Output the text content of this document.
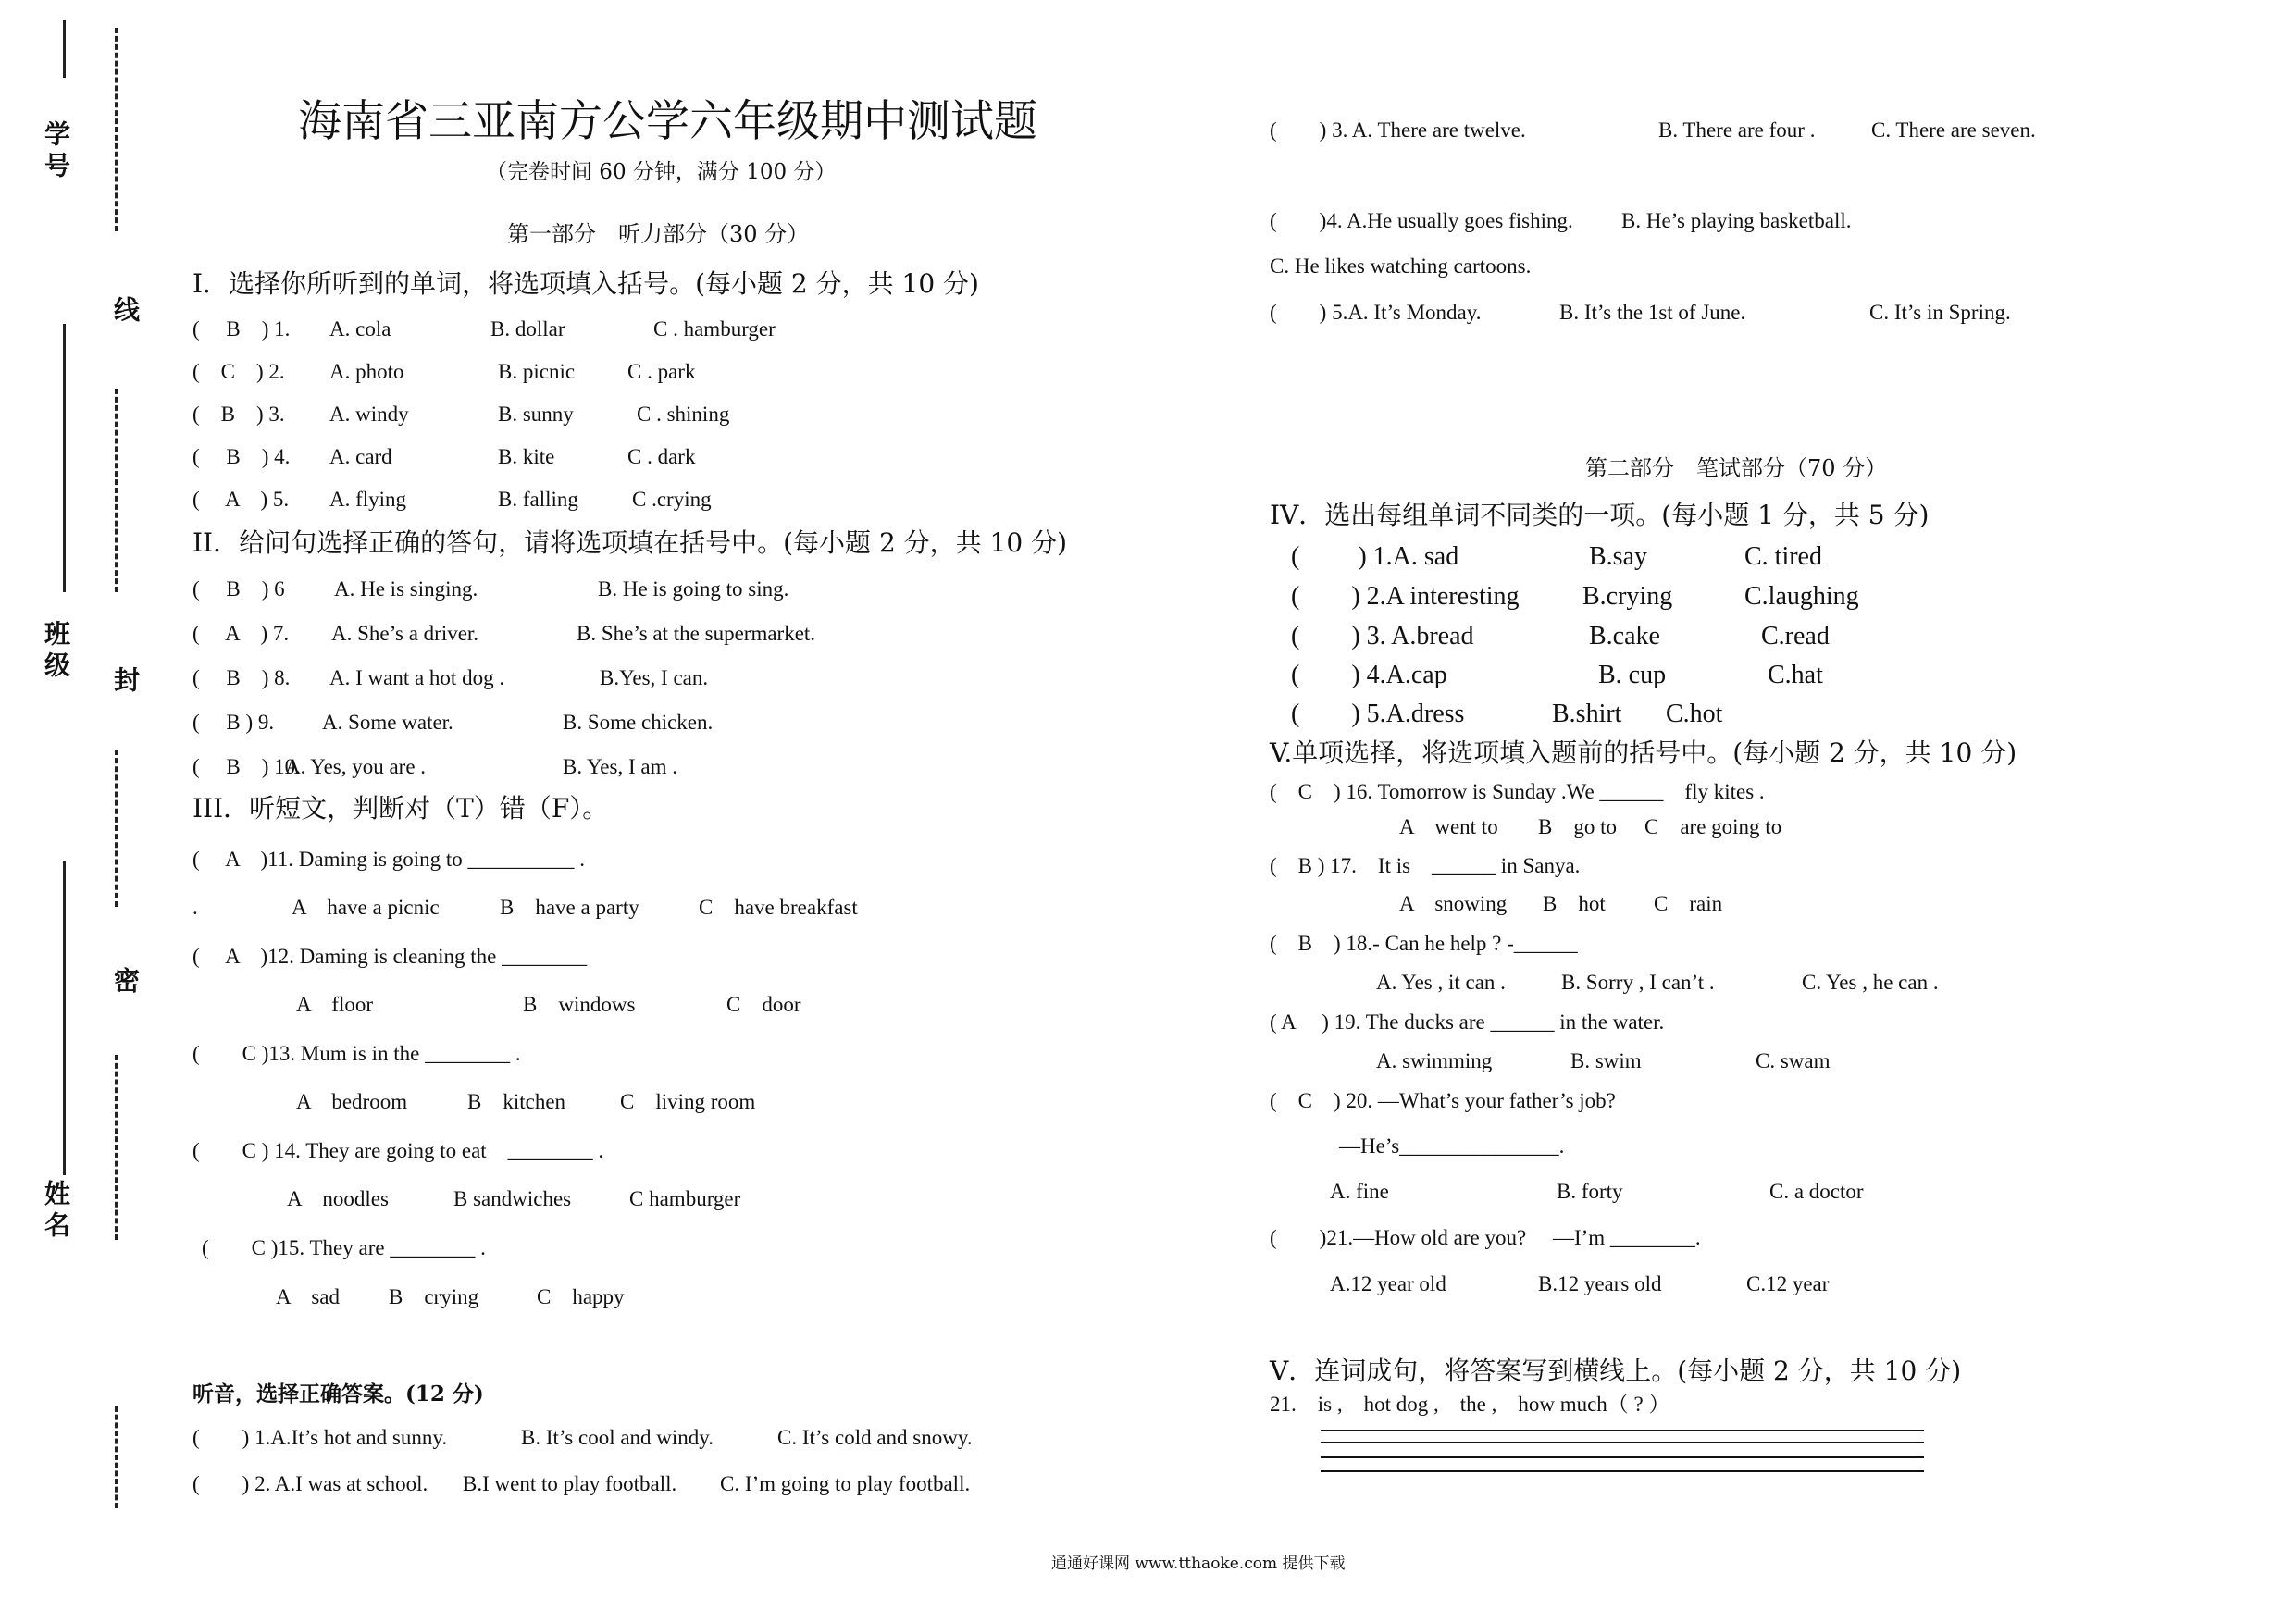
学号
线
班级 封
密
姓名
海南省三亚南方公学六年级期中测试题
（完卷时间 60 分钟，满分 100 分）
第一部分　听力部分（30 分）
I．选择你所听到的单词，将选项填入括号。(每小题 2 分，共 10 分)
(　 B　) 1. A. cola	B. dollar	C . hamburger
(　C　) 2. A. photo	B. picnic C . park
(　B　) 3. A. windy	B. sunny	C . shining
(　 B　) 4. A. card	B. kite	C . dark
(　 A　) 5. A. flying	B. falling	C .crying
II．给问句选择正确的答句，请将选项填在括号中。(每小题 2 分，共 10 分)
(　 B　) 6 A. He is singing.	B. He is going to sing.
(　 A　) 7. A. She’s a driver.	B. She’s at the supermarket.
(　 B　) 8. A. I want a hot dog .	B.Yes, I can.
(　 B ) 9. A. Some water.	B. Some chicken.
(　 B　) 10.
A. Yes, you are .	B. Yes, I am .
III．听短文，判断对（T）错（F）。
(　 A　)11. Daming is going to __________ .
.	A　have a picnic	B　have a party	C　have breakfast
(　 A　)12. Daming is cleaning the ________
A　floor	B　windows	C　door
(　　C )13. Mum is in the ________ .
A　bedroom	B　kitchen	C　living room
(　　C ) 14. They are going to eat　________ .
A　noodles	B sandwiches	C hamburger
(　　C )15. They are ________ .
A　sad B　crying	C　happy
听音，选择正确答案。(12 分)
(　　) 1.A.It’s hot and sunny.	B. It’s cool and windy.	C. It’s cold and snowy.
(　　) 2. A.I was at school. B.I went to play football. C. I’m going to play football.
(　　) 3. A. There are twelve.	B. There are four .	C. There are seven.
(　　)4. A.He usually goes fishing. B. He’s playing basketball.
C. He likes watching cartoons.
(　　) 5.A. It’s Monday.	B. It’s the 1st of June.	C. It’s in Spring.
第二部分　笔试部分（70 分）
IV．选出每组单词不同类的一项。(每小题 1 分，共 5 分)
(　　 ) 1.A. sad	B.say	C. tired
(　　) 2.A interesting B.crying	C.laughing
(　　) 3. A.bread	B.cake	C.read
(　　) 4.A.cap	B. cup	C.hat
(　　) 5.A.dress	B.shirt C.hot
V.单项选择，将选项填入题前的括号中。(每小题 2 分，共 10 分)
(　C　) 16. Tomorrow is Sunday .We ______　fly kites .
A　went to B　go to C　are going to
(　B ) 17.　It is　______ in Sanya.
A　snowing B　hot C　rain
(　B　) 18.- Can he help ? -______
A. Yes , it can .	B. Sorry , I can’t .	C. Yes , he can .
( A　 ) 19. The ducks are ______ in the water.
A. swimming	B. swim	C. swam
(　C　) 20. —What’s your father’s job?
—He’s_______________.
A. fine	B. forty	C. a doctor
(　　)21.—How old are you?　 —I’m ________.
A.12 year old	B.12 years old	C.12 year
V．连词成句，将答案写到横线上。(每小题 2 分，共 10 分)
21.　is ,　hot dog ,　the ,　how much（ ? ）
通通好课网 www.tthaoke.com 提供下载
